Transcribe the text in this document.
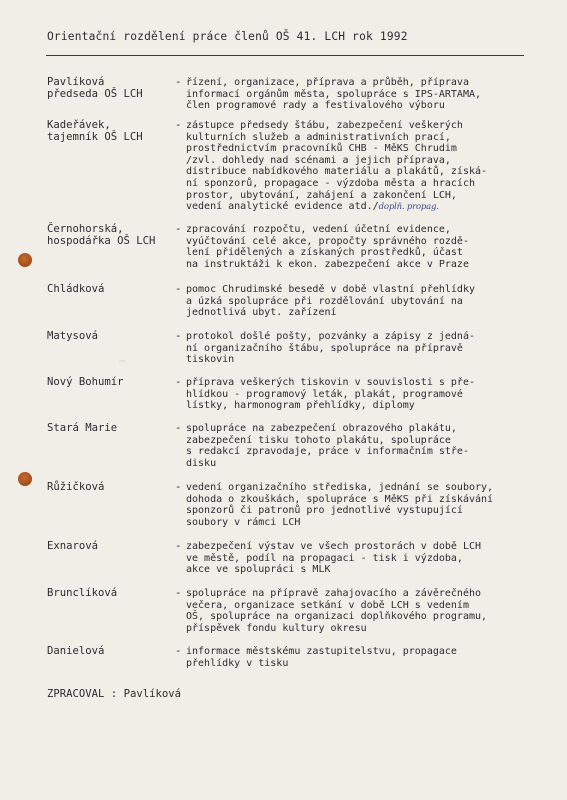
Orientační rozdělení práce členů OŠ 41. LCH rok 1992
~
Pavlíková
předseda OŠ LCH
- řízení, organizace, příprava a průběh, příprava
informací orgánům města, spolupráce s IPS-ARTAMA,
člen programové rady a festivalového výboru
Kadeřávek,
tajemník OŠ LCH
- zástupce předsedy štábu, zabezpečení veškerých
kulturních služeb a administrativních prací,
prostřednictvím pracovníků CHB - MěKS Chrudim
/zvl. dohledy nad scénami a jejich příprava,
distribuce nabídkového materiálu a plakátů, získá-
ní sponzorů, propagace - výzdoba města a hracích
prostor, ubytování, zahájení a zakončení LCH,
vedení analytické evidence atd./doplň. propag.
Černohorská,
hospodářka OŠ LCH
- zpracování rozpočtu, vedení účetní evidence,
vyúčtování celé akce, propočty správného rozdě-
lení přidělených a získaných prostředků, účast
na instruktáži k ekon. zabezpečení akce v Praze
Chládková	- pomoc Chrudimské besedě v době vlastní přehlídky
a úzká spolupráce při rozdělování ubytování na
jednotlivá ubyt. zařízení
Matysová	- protokol došlé pošty, pozvánky a zápisy z jedná-
ní organizačního štábu, spolupráce na přípravě
tiskovin
Nový Bohumír	- příprava veškerých tiskovin v souvislosti s pře-
hlídkou - programový leták, plakát, programové
lístky, harmonogram přehlídky, diplomy
Stará Marie	- spolupráce na zabezpečení obrazového plakátu,
zabezpečení tisku tohoto plakátu, spolupráce
s redakcí zpravodaje, práce v informačním stře-
disku
Růžičková	- vedení organizačního střediska, jednání se soubory,
dohoda o zkouškách, spolupráce s MěKS při získávání
sponzorů či patronů pro jednotlivé vystupující
soubory v rámci LCH
Exnarová	- zabezpečení výstav ve všech prostorách v době LCH
ve městě, podíl na propagaci - tisk i výzdoba,
akce ve spolupráci s MLK
Brunclíková	- spolupráce na přípravě zahajovacího a závěrečného
večera, organizace setkání v době LCH s vedením
OŠ, spolupráce na organizaci doplňkového programu,
příspěvek fondu kultury okresu
Danielová	- informace městskému zastupitelstvu, propagace
přehlídky v tisku
ZPRACOVAL : Pavlíková
